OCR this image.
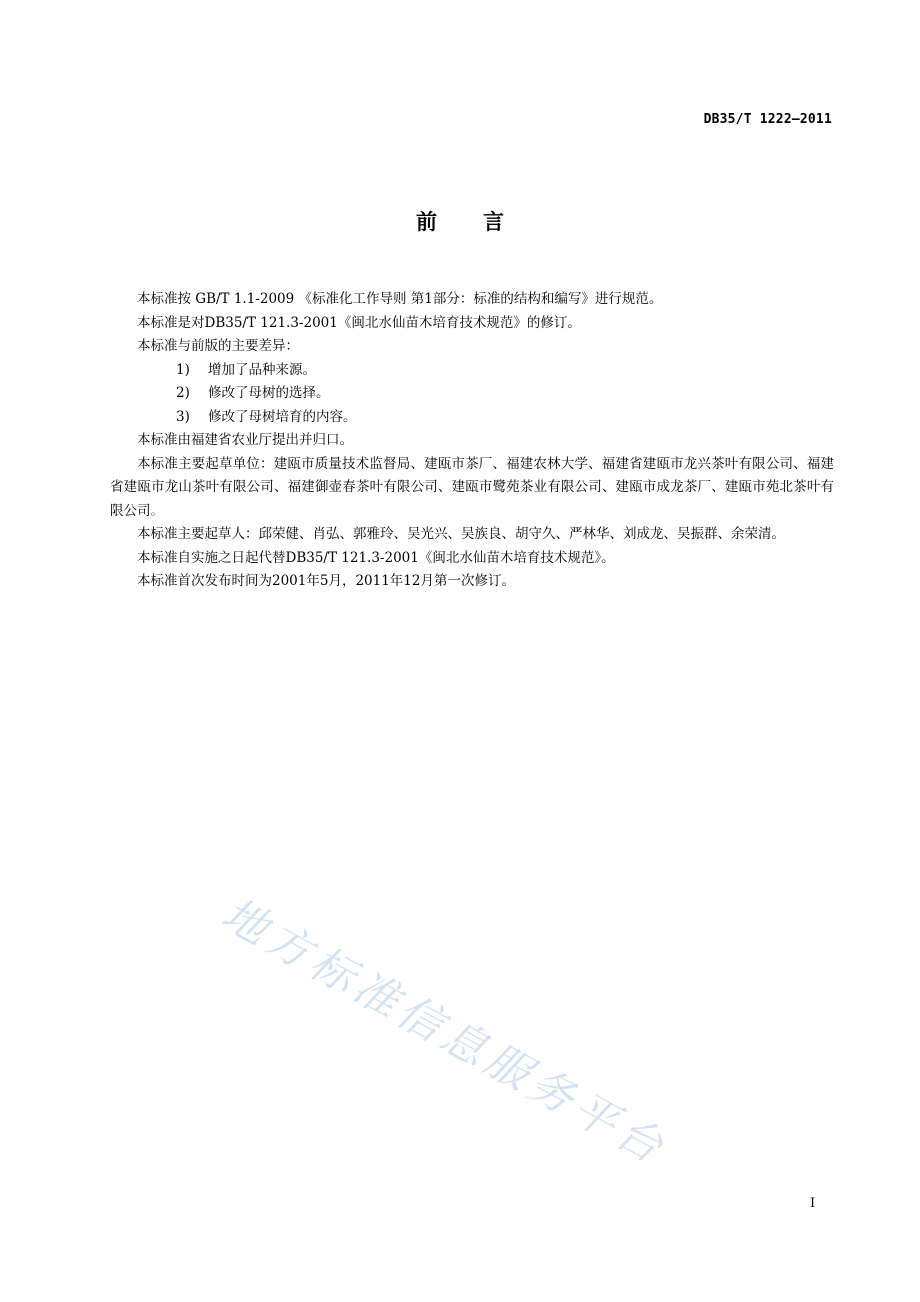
DB35/T 1222—2011
前言

本标准按 GB/T 1.1-2009 《标准化工作导则 第1部分：标准的结构和编写》进行规范。

本标准是对DB35/T 121.3-2001《闽北水仙苗木培育技术规范》的修订。

本标准与前版的主要差异：

1)	增加了品种来源。
2)	修改了母树的选择。
3)	修改了母树培育的内容。

本标准由福建省农业厅提出并归口。

本标准主要起草单位：建瓯市质量技术监督局、建瓯市茶厂、福建农林大学、福建省建瓯市龙兴茶叶有限公司、福建省建瓯市龙山茶叶有限公司、福建御壶春茶叶有限公司、建瓯市鹭苑茶业有限公司、建瓯市成龙茶厂、建瓯市苑北茶叶有限公司。

本标准主要起草人：邱荣健、肖弘、郭雅玲、吴光兴、吴族良、胡守久、严林华、刘成龙、吴振群、余荣清。

本标准自实施之日起代替DB35/T 121.3-2001《闽北水仙苗木培育技术规范》。

本标准首次发布时间为2001年5月，2011年12月第一次修订。

地方标准信息服务平台
I
